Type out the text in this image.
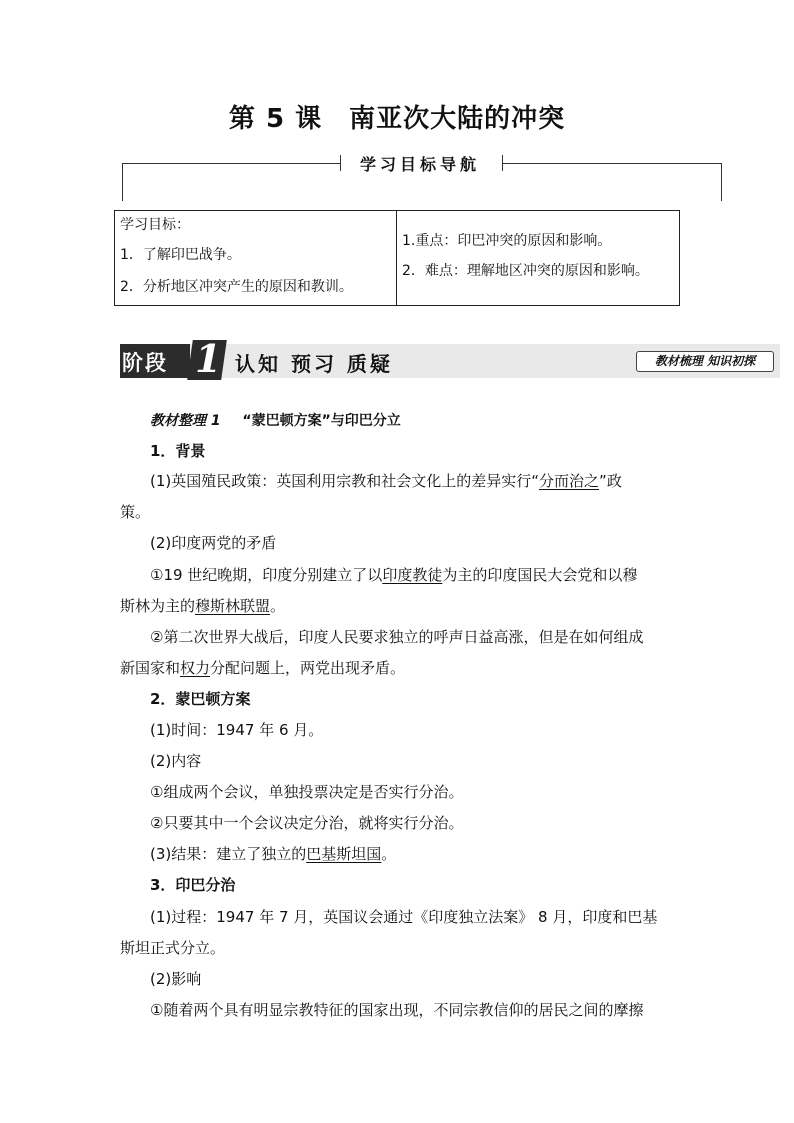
第 5 课　南亚次大陆的冲突
学习目标导航
学习目标：
1．了解印巴战争。
2．分析地区冲突产生的原因和教训。
1.重点：印巴冲突的原因和影响。
2．难点：理解地区冲突的原因和影响。
阶段 1 认知 预习 质疑	教材梳理 知识初探
教材整理 1 “蒙巴顿方案”与印巴分立
1．背景
(1)英国殖民政策：英国利用宗教和社会文化上的差异实行“分而治之”政
策。
(2)印度两党的矛盾
①19 世纪晚期，印度分别建立了以印度教徒为主的印度国民大会党和以穆
斯林为主的穆斯林联盟。
②第二次世界大战后，印度人民要求独立的呼声日益高涨，但是在如何组成
新国家和权力分配问题上，两党出现矛盾。
2．蒙巴顿方案
(1)时间：1947 年 6 月。
(2)内容
①组成两个会议，单独投票决定是否实行分治。
②只要其中一个会议决定分治，就将实行分治。
(3)结果：建立了独立的巴基斯坦国。
3．印巴分治
(1)过程：1947 年 7 月，英国议会通过《印度独立法案》 8 月，印度和巴基
斯坦正式分立。
(2)影响
①随着两个具有明显宗教特征的国家出现，不同宗教信仰的居民之间的摩擦
